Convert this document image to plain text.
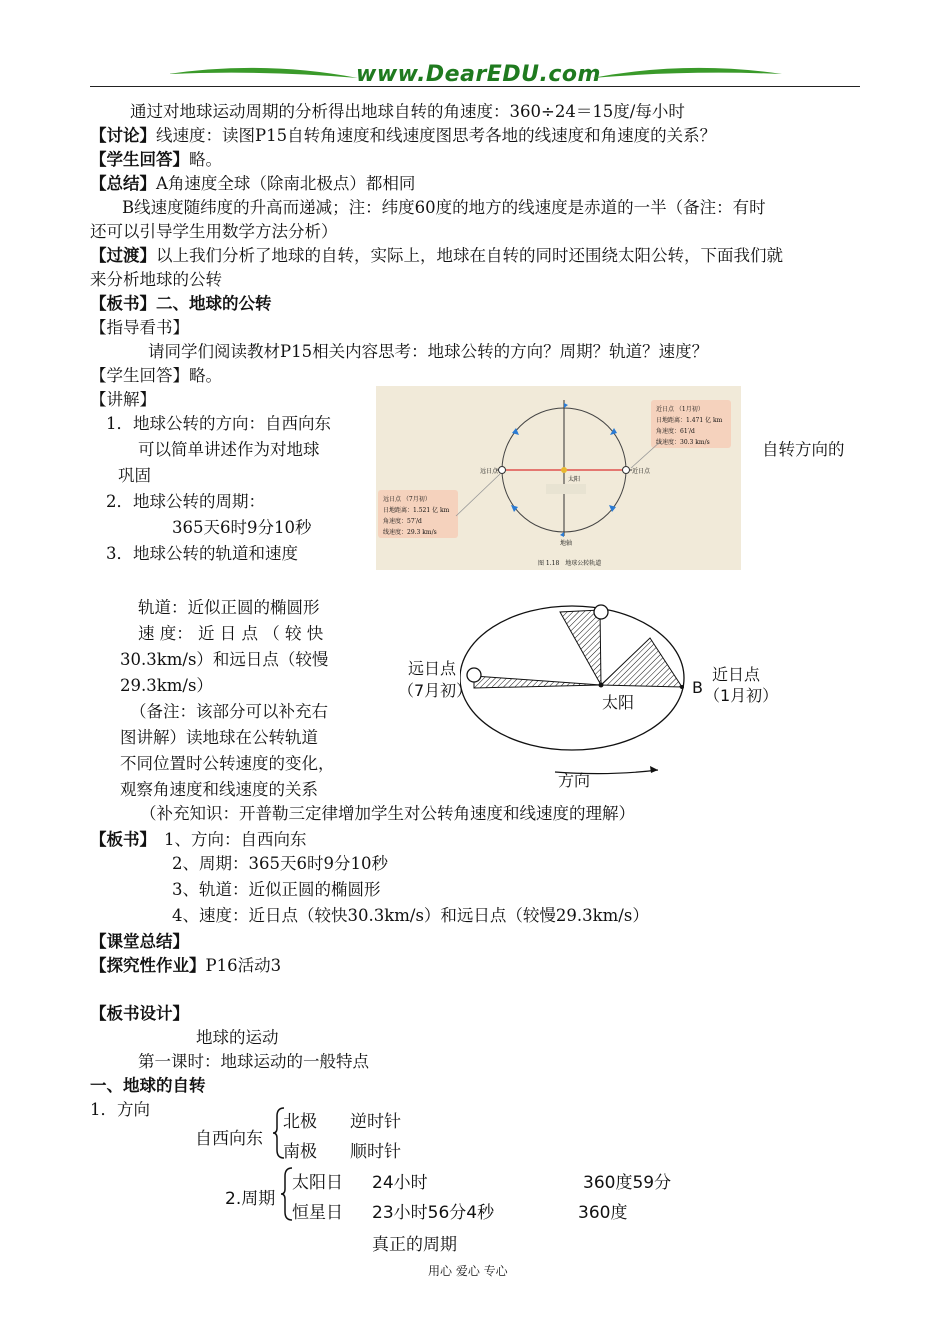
www.DearEDU.com
通过对地球运动周期的分析得出地球自转的角速度：360÷24＝15度/每小时
【讨论】线速度：读图P15自转角速度和线速度图思考各地的线速度和角速度的关系？
【学生回答】略。
【总结】A角速度全球（除南北极点）都相同
B线速度随纬度的升高而递减；注：纬度60度的地方的线速度是赤道的一半（备注：有时
还可以引导学生用数学方法分析）
【过渡】以上我们分析了地球的自转，实际上，地球在自转的同时还围绕太阳公转，下面我们就
来分析地球的公转
【板书】二、地球的公转
【指导看书】
请同学们阅读教材P15相关内容思考：地球公转的方向？周期？轨道？速度？
【学生回答】略。
【讲解】
1．地球公转的方向：自西向东
可以简单讲述作为对地球	自转方向的
巩固
2．地球公转的周期：
365天6时9分10秒
3．地球公转的轨道和速度
近日点 （1月初）
日地距离：1.471 亿 km
角速度：61′/d
线速度：30.3 km/s
远日点 （7月初）
日地距离：1.521 亿 km
角速度：57′/d
线速度：29.3 km/s
远日点	近日点
太阳
地轴
图 1.18　地球公转轨道
远日点
（7月初）
近日点
（1月初）
太阳
B
方向
轨道：近似正圆的椭圆形
速 度： 近 日 点 （ 较 快
30.3km/s）和远日点（较慢
29.3km/s）
（备注：该部分可以补充右
图讲解）读地球在公转轨道
不同位置时公转速度的变化，
观察角速度和线速度的关系
（补充知识：开普勒三定律增加学生对公转角速度和线速度的理解）
【板书】 1、方向：自西向东
2、周期：365天6时9分10秒
3、轨道：近似正圆的椭圆形
4、速度：近日点（较快30.3km/s）和远日点（较慢29.3km/s）
【课堂总结】
【探究性作业】P16活动3
【板书设计】
地球的运动
第一课时：地球运动的一般特点
一、地球的自转
1．方向
自西向东
北极 逆时针
南极 顺时针
2.周期
太阳日 24小时	360度59分
恒星日 23小时56分4秒	360度
真正的周期
用心 爱心 专心
